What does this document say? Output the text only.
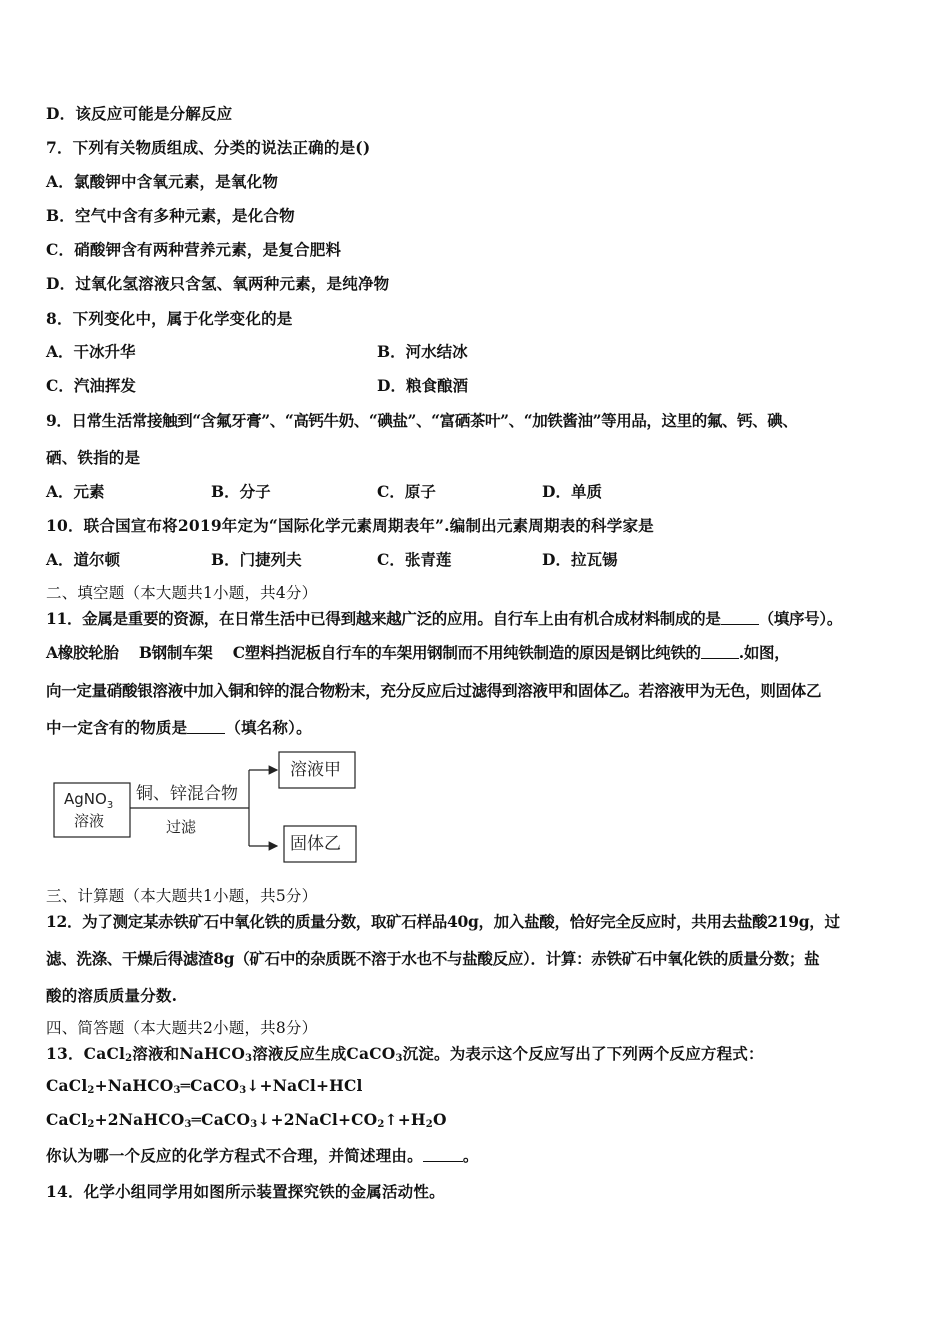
D．该反应可能是分解反应
7．下列有关物质组成、分类的说法正确的是()
A．氯酸钾中含氧元素，是氧化物
B．空气中含有多种元素，是化合物
C．硝酸钾含有两种营养元素，是复合肥料
D．过氧化氢溶液只含氢、氧两种元素，是纯净物
8．下列变化中，属于化学变化的是
A．干冰升华	B．河水结冰
C．汽油挥发	D．粮食酿酒
9．日常生活常接触到“含氟牙膏”、“高钙牛奶、“碘盐”、“富硒茶叶”、“加铁酱油”等用品，这里的氟、钙、碘、
硒、铁指的是
A．元素	B．分子	C．原子	D．单质
10．联合国宣布将2019年定为“国际化学元素周期表年”.编制出元素周期表的科学家是
A．道尔顿	B．门捷列夫	C．张青莲	D．拉瓦锡
二、填空题（本大题共1小题，共4分）
11．金属是重要的资源，在日常生活中已得到越来越广泛的应用。自行车上由有机合成材料制成的是 （填序号）。
A橡胶轮胎　 B钢制车架　 C塑料挡泥板自行车的车架用钢制而不用纯铁制造的原因是钢比纯铁的 .如图，
向一定量硝酸银溶液中加入铜和锌的混合物粉末，充分反应后过滤得到溶液甲和固体乙。若溶液甲为无色，则固体乙
中一定含有的物质是 （填名称）。
AgNO$_3$
溶液
铜、锌混合物
过滤
溶液甲
固体乙
三、计算题（本大题共1小题，共5分）
12．为了测定某赤铁矿石中氧化铁的质量分数，取矿石样品40g，加入盐酸，恰好完全反应时，共用去盐酸219g，过
滤、洗涤、干燥后得滤渣8g（矿石中的杂质既不溶于水也不与盐酸反应）．计算：赤铁矿石中氧化铁的质量分数；盐
酸的溶质质量分数.
四、简答题（本大题共2小题，共8分）
13．CaCl$_2$溶液和NaHCO$_3$溶液反应生成CaCO$_3$沉淀。为表示这个反应写出了下列两个反应方程式：
CaCl$_2$+NaHCO$_3$═CaCO$_3$↓+NaCl+HCl
$CaCl_2+2NaHCO_3═CaCO_3↓+2NaCl+CO_2↑+H_2O$
你认为哪一个反应的化学方程式不合理，并简述理由。	。
14．化学小组同学用如图所示装置探究铁的金属活动性。
